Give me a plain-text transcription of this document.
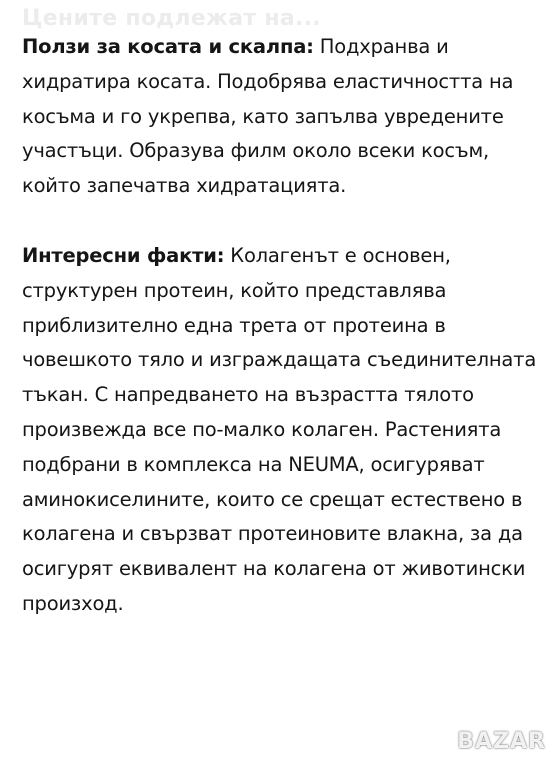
Цените подлежат на...

Ползи за косата и скалпа: Подхранва и хидратира косата. Подобрява еластичността на косъма и го укрепва, като запълва увредените участъци. Образува филм около всеки косъм, който запечатва хидратацията.

Интересни факти: Колагенът е основен, структурен протеин, който представлява приблизително една трета от протеина в човешкото тяло и изграждащата съединителната тъкан. С напредването на възрастта тялото произвежда все по-малко колаген. Растенията подбрани в комплекса на NEUMA, осигуряват аминокиселините, които се срещат естествено в колагена и свързват протеиновите влакна, за да осигурят еквивалент на колагена от животински произход.

BAZAR
